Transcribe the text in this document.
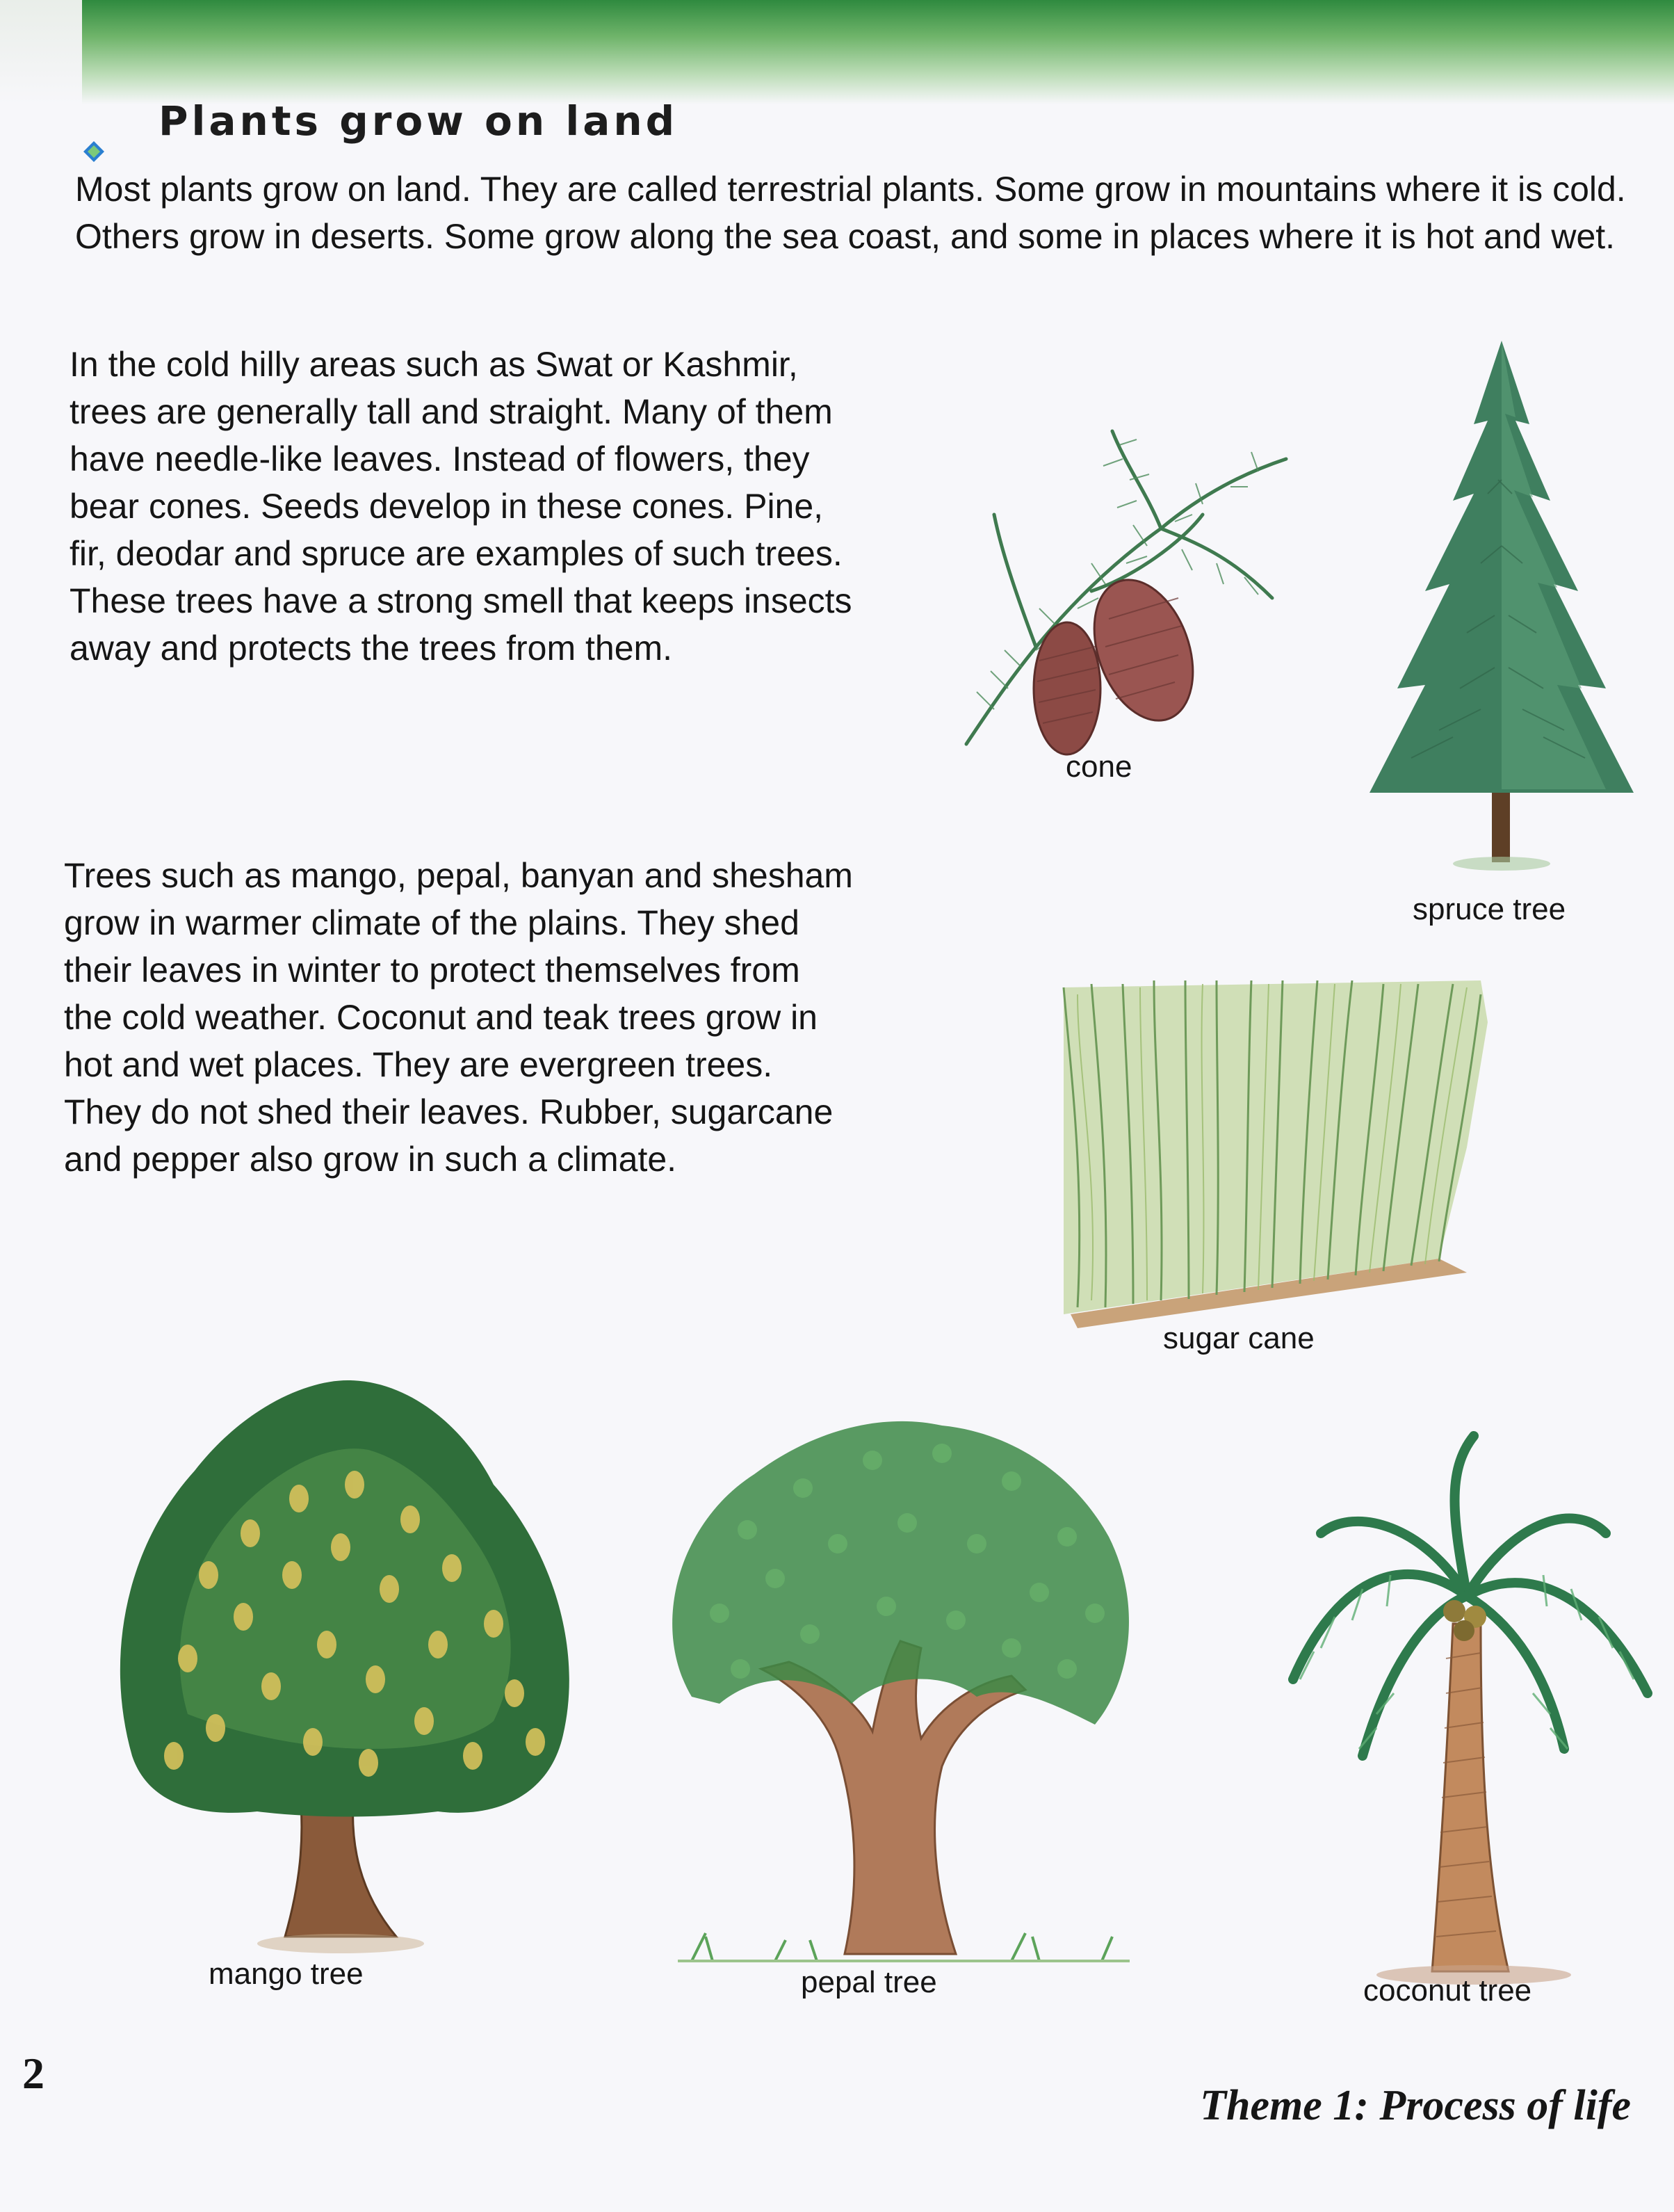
Plants grow on land

Most plants grow on land. They are called terrestrial plants. Some grow in mountains where it is cold. Others grow in deserts. Some grow along the sea coast, and some in places where it is hot and wet.

In the cold hilly areas such as Swat or Kashmir, trees are generally tall and straight. Many of them have needle-like leaves. Instead of flowers, they bear cones. Seeds develop in these cones. Pine, fir, deodar and spruce are examples of such trees. These trees have a strong smell that keeps insects away and protects the trees from them.

Trees such as mango, pepal, banyan and shesham grow in warmer climate of the plains. They shed their leaves in winter to protect themselves from the cold weather. Coconut and teak trees grow in hot and wet places. They are evergreen trees. They do not shed their leaves. Rubber, sugarcane and pepper also grow in such a climate.

cone
spruce tree
sugar cane
mango tree	pepal tree	coconut tree
2
Theme 1: Process of life
